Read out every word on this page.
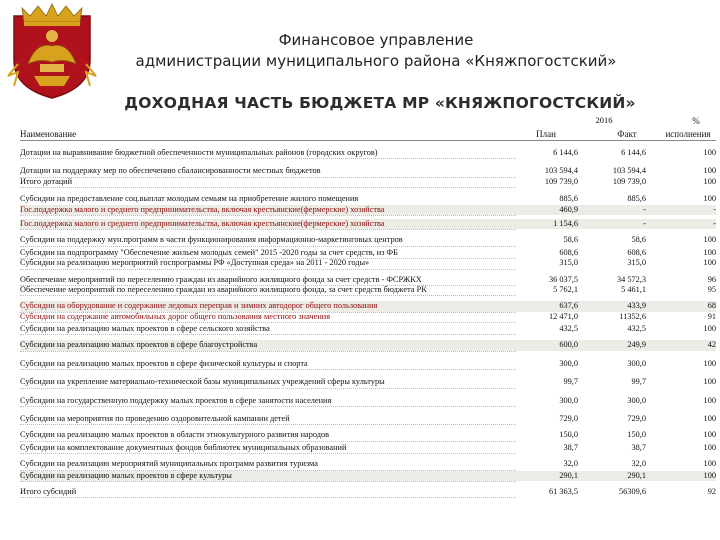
Финансовое управление
администрации муниципального района «Княжпогостский»
ДОХОДНАЯ ЧАСТЬ БЮДЖЕТА МР «КНЯЖПОГОСТСКИЙ»
2016	%
Наименование	План	Факт	исполнения
Дотации на выравнивание бюджетной обеспеченности муниципальных районов (городских округов)	6 144,6	6 144,6	100
Дотации на поддержку мер по обеспечению сбалансированности местных бюджетов	103 594,4	103 594,4	100
Итого дотаций	109 739,0	109 739,0	100
Субсидии на предоставление соц.выплат молодым семьям на приобретение жилого помещения	885,6	885,6	100
Гос.поддержка малого и среднего предпринимательства, включая крестьянские(фермерские) хозяйства	460,9	-	-
Гос.поддержка малого и среднего предпринимательства, включая крестьянские(фермерские) хозяйства	1 154,6	-	-
Субсидии на поддержку мун.программ в части функционирования информационно-маркетинговых центров	58,6	58,6	100
Субсидии на подпрограмму "Обеспечение жильем молодых семей" 2015 -2020 годы за счет средств, из ФБ	608,6	608,6	100
Субсидии на реализацию мероприятий госпрограммы РФ «Доступная среда» на 2011 - 2020 годы»	315,0	315,0	100
Обеспечение мероприятий по переселению граждан из аварийного жилищного фонда за счет средств - ФСРЖКХ	36 037,5	34 572,3	96
Обеспечение мероприятий по переселению граждан из аварийного жилищного фонда, за счет средств бюджета РК	5 762,1	5 461,1	95
Субсидии на оборудование и содержание ледовых переправ и зимних автодорог общего пользования	637,6	433,9	68
Субсидии на содержание автомобильных дорог общего пользования местного значения	12 471,0	11352,6	91
Субсидии на реализацию малых проектов в сфере сельского хозяйства	432,5	432,5	100
Субсидии на реализацию малых проектов в сфере благоустройства	600,0	249,9	42
Субсидии на реализацию малых проектов в сфере физической культуры и спорта	300,0	300,0	100
Субсидии на укрепление материально-технической базы муниципальных учреждений сферы культуры	99,7	99,7	100
Субсидии на государственную поддержку малых проектов в сфере занятости населения	300,0	300,0	100
Субсидии на мероприятия по проведению оздоровительной кампании детей	729,0	729,0	100
Субсидии на реализацию малых проектов в области этнокультурного развития народов	150,0	150,0	100
Субсидии на комплектование документных фондов библиотек муниципальных образований	38,7	38,7	100
Субсидии на реализацию мероприятий муниципальных программ развития туризма	32,0	32,0	100
Субсидии на реализацию малых проектов в сфере культуры	290,1	290,1	100
Итого субсидий	61 363,5	56309,6	92
